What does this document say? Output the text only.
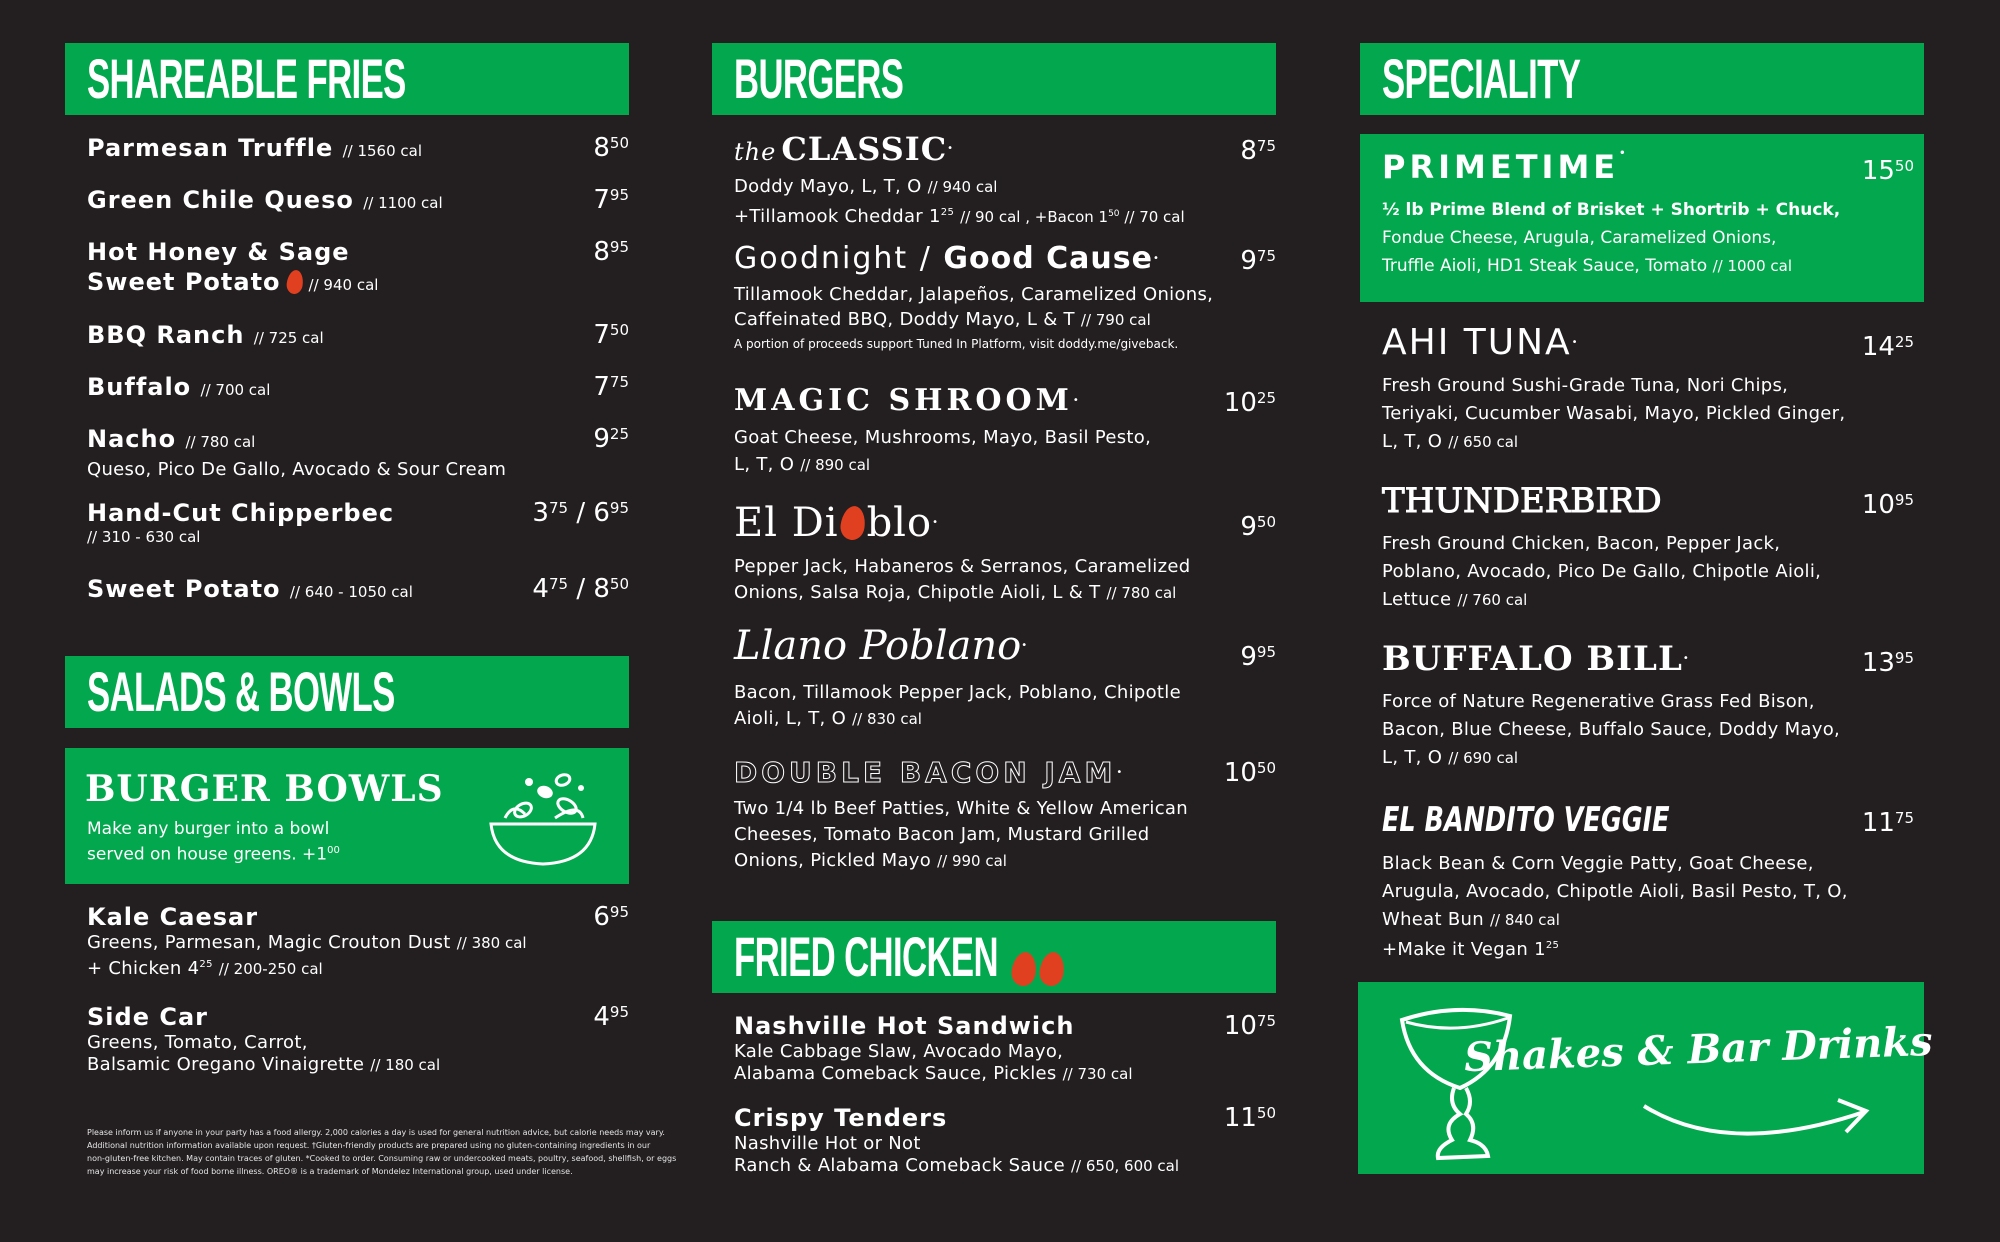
SHAREABLE FRIES
Parmesan Truffle // 1560 cal	$8^{50}$
Green Chile Queso // 1100 cal	$7^{95}$
Hot Honey & Sage
Sweet Potato // 940 cal
$8^{95}$
BBQ Ranch // 725 cal	$7^{50}$
Buffalo // 700 cal	$7^{75}$
Nacho // 780 cal
Queso, Pico De Gallo, Avocado & Sour Cream
$9^{25}$
Hand-Cut Chipperbec
// 310 - 630 cal
$3^{75} / 6^{95}$
Sweet Potato // 640 - 1050 cal	$4^{75} / 8^{50}$
SALADS & BOWLS
BURGER BOWLS
Make any burger into a bowl
served on house greens. $+1^{00}$
Kale Caesar
Greens, Parmesan, Magic Crouton Dust // 380 cal
+ Chicken $4^{25} // 200-250$ cal
$6^{95}$
Side Car
Greens, Tomato, Carrot,
Balsamic Oregano Vinaigrette // 180 cal
$4^{95}$
Please inform us if anyone in your party has a food allergy. 2,000 calories a day is used for general nutrition advice, but calorie needs may vary.
Additional nutrition information available upon request. †Gluten-friendly products are prepared using no gluten-containing ingredients in our
non-gluten-free kitchen. May contain traces of gluten. *Cooked to order. Consuming raw or undercooked meats, poultry, seafood, shellfish, or eggs
may increase your risk of food borne illness. OREO® is a trademark of Mondelez International group, used under license.
BURGERS
the CLASSIC•
Doddy Mayo, L, T, O // 940 cal
+Tillamook Cheddar $1^{25} // 90$ cal , +Bacon $1^{50} // 70$ cal
$8^{75}$
Goodnight / Good Cause•
Tillamook Cheddar, Jalapeños, Caramelized Onions,
Caffeinated BBQ, Doddy Mayo, L & T // 790 cal
A portion of proceeds support Tuned In Platform, visit doddy.me/giveback.
$9^{75}$
MAGIC SHROOM•
Goat Cheese, Mushrooms, Mayo, Basil Pesto,
L, T, O // 890 cal
$10^{25}$
El Di blo•
Pepper Jack, Habaneros & Serranos, Caramelized
Onions, Salsa Roja, Chipotle Aioli, L & T // 780 cal
$9^{50}$
Llano Poblano•
Bacon, Tillamook Pepper Jack, Poblano, Chipotle
Aioli, L, T, O // 830 cal
$9^{95}$
DOUBLE BACON JAM•
Two 1/4 lb Beef Patties, White & Yellow American
Cheeses, Tomato Bacon Jam, Mustard Grilled
Onions, Pickled Mayo // 990 cal
$10^{50}$
FRIED CHICKEN
Nashville Hot Sandwich
Kale Cabbage Slaw, Avocado Mayo,
Alabama Comeback Sauce, Pickles // 730 cal
$10^{75}$
Crispy Tenders
Nashville Hot or Not
Ranch & Alabama Comeback Sauce // 650, 600 cal
$11^{50}$
SPECIALITY
PRIMETIME•
½ lb Prime Blend of Brisket + Shortrib + Chuck,
Fondue Cheese, Arugula, Caramelized Onions,
Truffle Aioli, HD1 Steak Sauce, Tomato // 1000 cal
$15^{50}$
AHI TUNA•
Fresh Ground Sushi-Grade Tuna, Nori Chips,
Teriyaki, Cucumber Wasabi, Mayo, Pickled Ginger,
L, T, O // 650 cal
$14^{25}$
THUNDERBIRD
Fresh Ground Chicken, Bacon, Pepper Jack,
Poblano, Avocado, Pico De Gallo, Chipotle Aioli,
Lettuce // 760 cal
$10^{95}$
BUFFALO BILL•
Force of Nature Regenerative Grass Fed Bison,
Bacon, Blue Cheese, Buffalo Sauce, Doddy Mayo,
L, T, O // 690 cal
$13^{95}$
EL BANDITO VEGGIE
Black Bean & Corn Veggie Patty, Goat Cheese,
Arugula, Avocado, Chipotle Aioli, Basil Pesto, T, O,
Wheat Bun // 840 cal
+Make it Vegan $1^{25}$
$11^{75}$
Shakes & Bar Drinks
